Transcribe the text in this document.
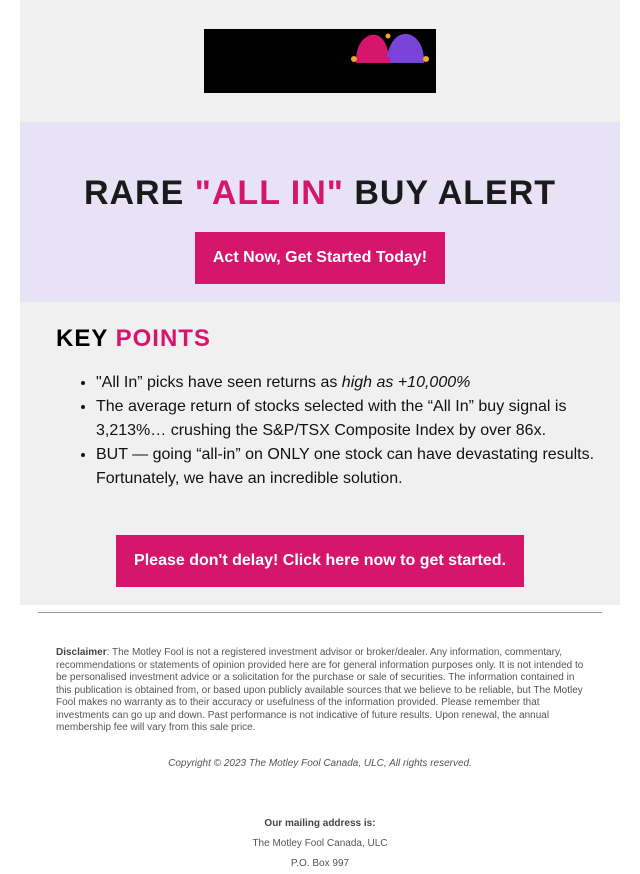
RARE "ALL IN" BUY ALERT
Act Now, Get Started Today!
KEY POINTS
• "All In” picks have seen returns as high as +10,000%
• The average return of stocks selected with the “All In” buy signal is 3,213%… crushing the S&P/TSX Composite Index by over 86x.
• BUT — going “all-in” on ONLY one stock can have devastating results. Fortunately, we have an incredible solution.
Please don't delay! Click here now to get started.
Disclaimer: The Motley Fool is not a registered investment advisor or broker/dealer. Any information, commentary, recommendations or statements of opinion provided here are for general information purposes only. It is not intended to be personalised investment advice or a solicitation for the purchase or sale of securities. The information contained in this publication is obtained from, or based upon publicly available sources that we believe to be reliable, but The Motley Fool makes no warranty as to their accuracy or usefulness of the information provided. Please remember that investments can go up and down. Past performance is not indicative of future results. Upon renewal, the annual membership fee will vary from this sale price.
Copyright © 2023 The Motley Fool Canada, ULC, All rights reserved.
Our mailing address is:
The Motley Fool Canada, ULC
P.O. Box 997
